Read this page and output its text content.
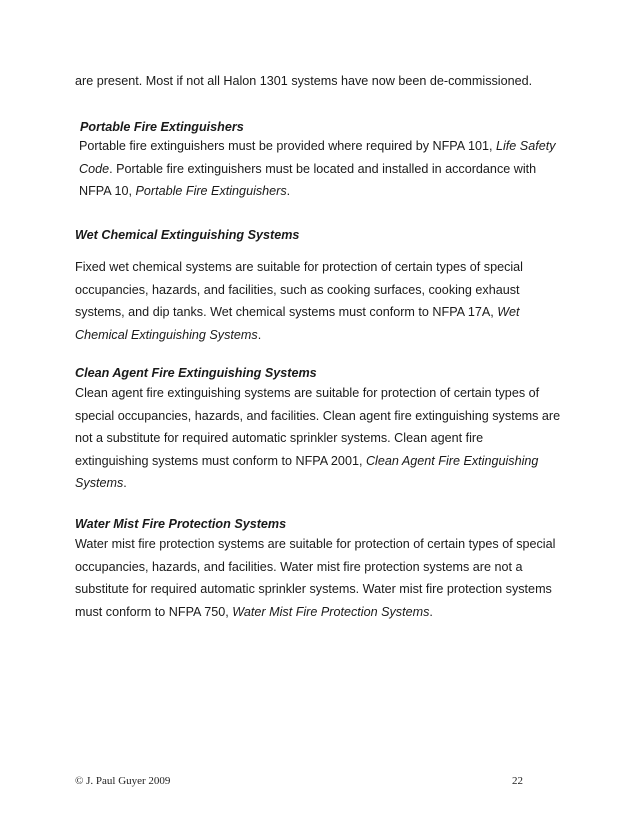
are present. Most if not all Halon 1301 systems have now been de-commissioned.

Portable Fire Extinguishers

Portable fire extinguishers must be provided where required by NFPA 101, Life Safety
Code. Portable fire extinguishers must be located and installed in accordance with
NFPA 10, Portable Fire Extinguishers.

Wet Chemical Extinguishing Systems

Fixed wet chemical systems are suitable for protection of certain types of special
occupancies, hazards, and facilities, such as cooking surfaces, cooking exhaust
systems, and dip tanks. Wet chemical systems must conform to NFPA 17A, Wet
Chemical Extinguishing Systems.

Clean Agent Fire Extinguishing Systems

Clean agent fire extinguishing systems are suitable for protection of certain types of
special occupancies, hazards, and facilities. Clean agent fire extinguishing systems are
not a substitute for required automatic sprinkler systems. Clean agent fire
extinguishing systems must conform to NFPA 2001, Clean Agent Fire Extinguishing
Systems.

Water Mist Fire Protection Systems

Water mist fire protection systems are suitable for protection of certain types of special
occupancies, hazards, and facilities. Water mist fire protection systems are not a
substitute for required automatic sprinkler systems. Water mist fire protection systems
must conform to NFPA 750, Water Mist Fire Protection Systems.

© J. Paul Guyer 2009	22
